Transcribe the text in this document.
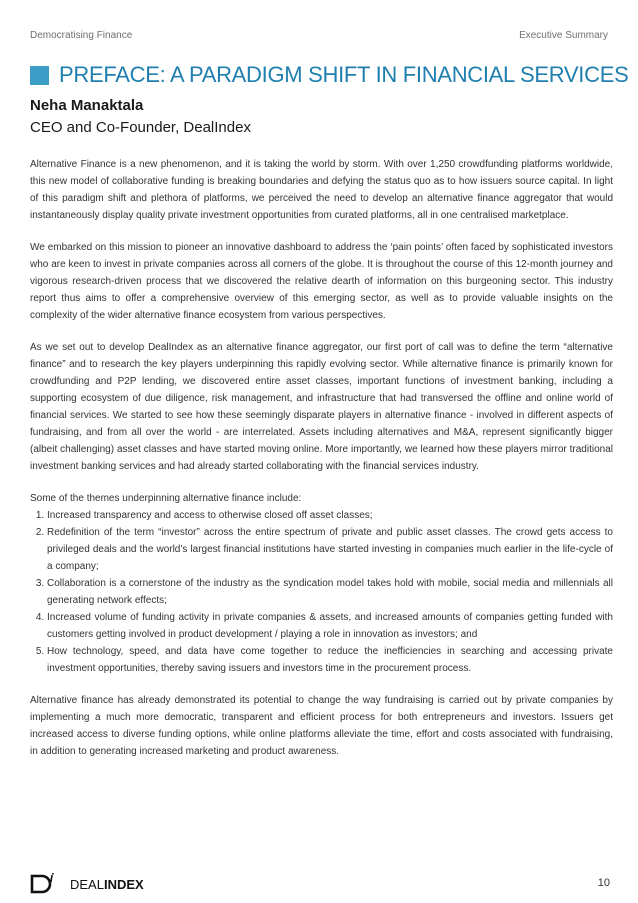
Democratising Finance	Executive Summary
PREFACE: A PARADIGM SHIFT IN FINANCIAL SERVICES
Neha Manaktala
CEO and Co-Founder, DealIndex

Alternative Finance is a new phenomenon, and it is taking the world by storm. With over 1,250 crowdfunding platforms worldwide, this new model of collaborative funding is breaking boundaries and defying the status quo as to how issuers source capital. In light of this paradigm shift and plethora of platforms, we perceived the need to develop an alternative finance aggregator that would instantaneously display quality private investment opportunities from curated platforms, all in one centralised marketplace.

We embarked on this mission to pioneer an innovative dashboard to address the ‘pain points’ often faced by sophisticated investors who are keen to invest in private companies across all corners of the globe. It is throughout the course of this 12-month journey and vigorous research-driven process that we discovered the relative dearth of information on this burgeoning sector. This industry report thus aims to offer a comprehensive overview of this emerging sector, as well as to provide valuable insights on the complexity of the wider alternative finance ecosystem from various perspectives.

As we set out to develop DealIndex as an alternative finance aggregator, our first port of call was to define the term “alternative finance” and to research the key players underpinning this rapidly evolving sector. While alternative finance is primarily known for crowdfunding and P2P lending, we discovered entire asset classes, important functions of investment banking, including a supporting ecosystem of due diligence, risk management, and infrastructure that had transversed the offline and online world of financial services. We started to see how these seemingly disparate players in alternative finance - involved in different aspects of fundraising, and from all over the world - are interrelated. Assets including alternatives and M&A, represent significantly bigger (albeit challenging) asset classes and have started moving online. More importantly, we learned how these players mirror traditional investment banking services and had already started collaborating with the financial services industry.

Some of the themes underpinning alternative finance include:

1. Increased transparency and access to otherwise closed off asset classes;
2. Redefinition of the term “investor” across the entire spectrum of private and public asset classes. The crowd gets access to privileged deals and the world’s largest financial institutions have started investing in companies much earlier in the life-cycle of a company;
3. Collaboration is a cornerstone of the industry as the syndication model takes hold with mobile, social media and millennials all generating network effects;
4. Increased volume of funding activity in private companies & assets, and increased amounts of companies getting funded with customers getting involved in product development / playing a role in innovation as investors; and
5. How technology, speed, and data have come together to reduce the inefficiencies in searching and accessing private investment opportunities, thereby saving issuers and investors time in the procurement process.

Alternative finance has already demonstrated its potential to change the way fundraising is carried out by private companies by implementing a much more democratic, transparent and efficient process for both entrepreneurs and investors. Issuers get increased access to diverse funding options, while online platforms alleviate the time, effort and costs associated with fundraising, in addition to generating increased marketing and product awareness.

DEALINDEX	10
